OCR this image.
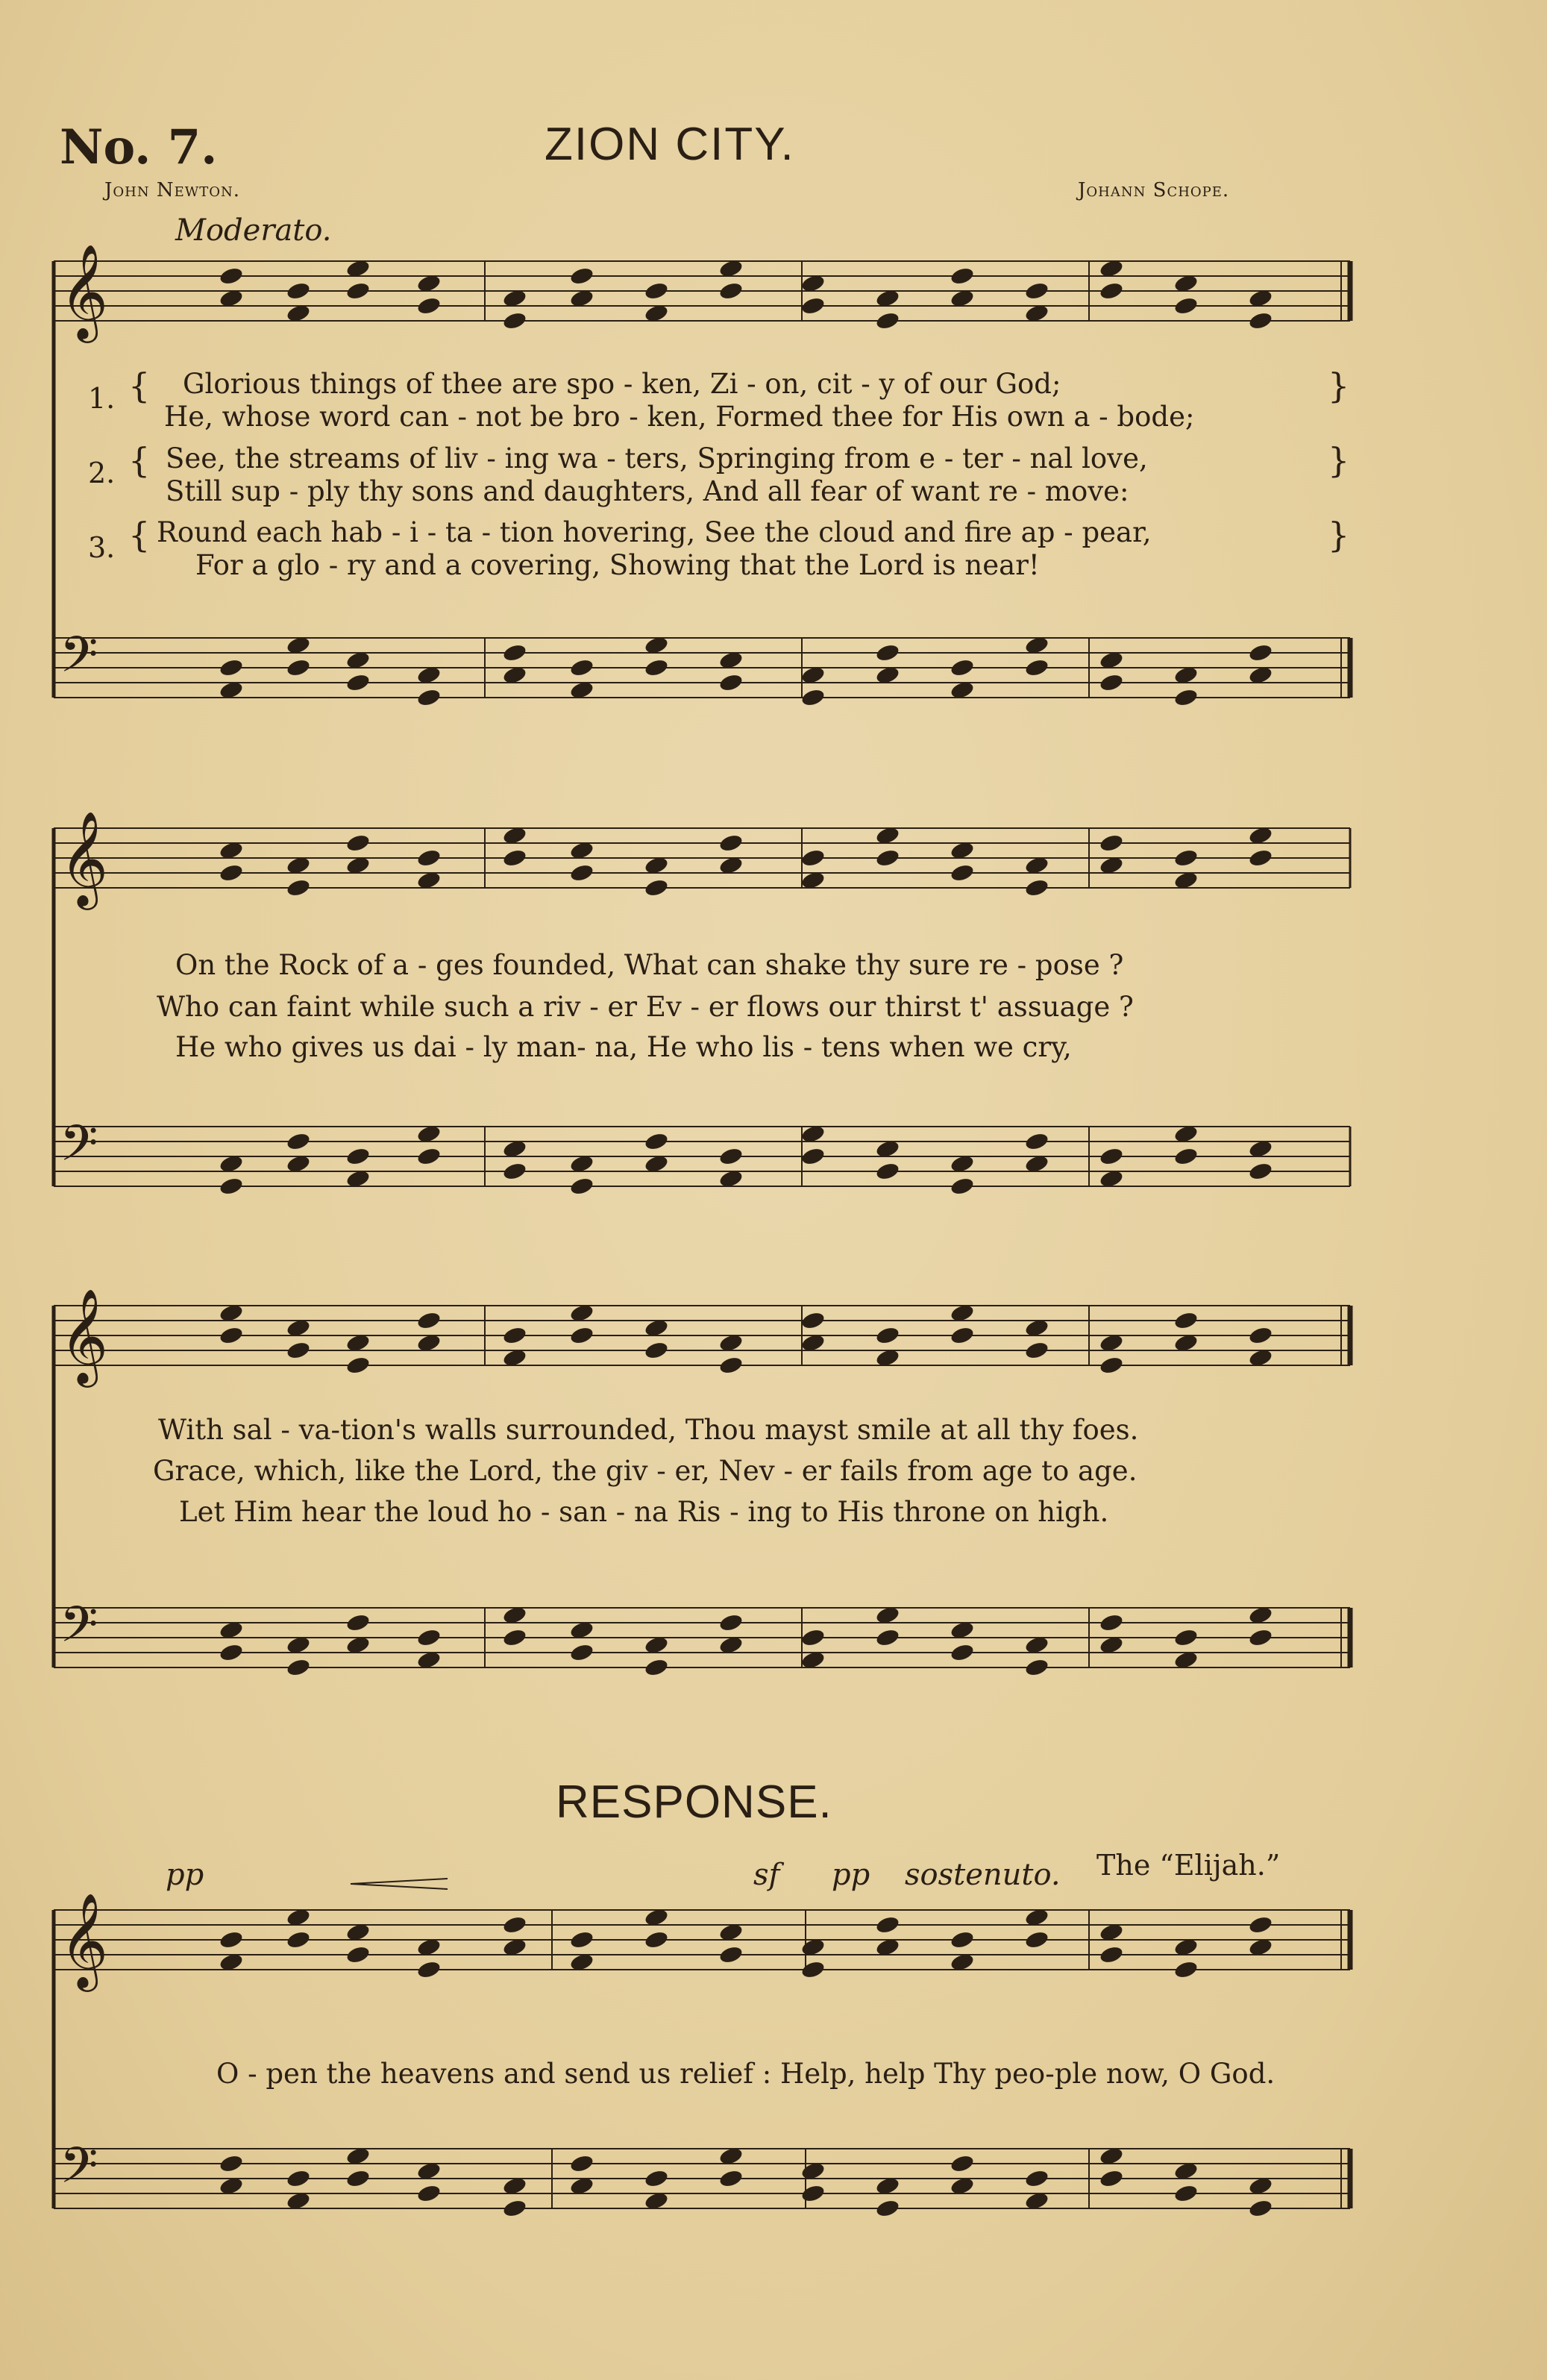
No. 7.	ZION CITY.
John Newton.	Johann Schope.
Moderato.
𝄞
𝄢
𝄞
𝄢
𝄞
𝄢
𝄞
𝄢
1. { Glorious things of thee are spo - ken, Zi - on, cit - y of our God;
He, whose word can - not be bro - ken, Formed thee for His own a - bode;
}
2. { See, the streams of liv - ing wa - ters, Springing from e - ter - nal love,
Still sup - ply thy sons and daughters, And all fear of want re - move:
}
3. { Round each hab - i - ta - tion hovering, See the cloud and fire ap - pear,
For a glo - ry and a covering, Showing that the Lord is near!
}
On the Rock of a - ges founded, What can shake thy sure re - pose ?
Who can faint while such a riv - er Ev - er flows our thirst t' assuage ?
He who gives us dai - ly man- na, He who lis - tens when we cry,
With sal - va-tion's walls surrounded, Thou mayst smile at all thy foes.
Grace, which, like the Lord, the giv - er, Nev - er fails from age to age.
Let Him hear the loud ho - san - na Ris - ing to His throne on high.
RESPONSE.
pp	sf pp sostenuto. The “Elijah.”
O - pen the heavens and send us relief : Help, help Thy peo-ple now, O God.
